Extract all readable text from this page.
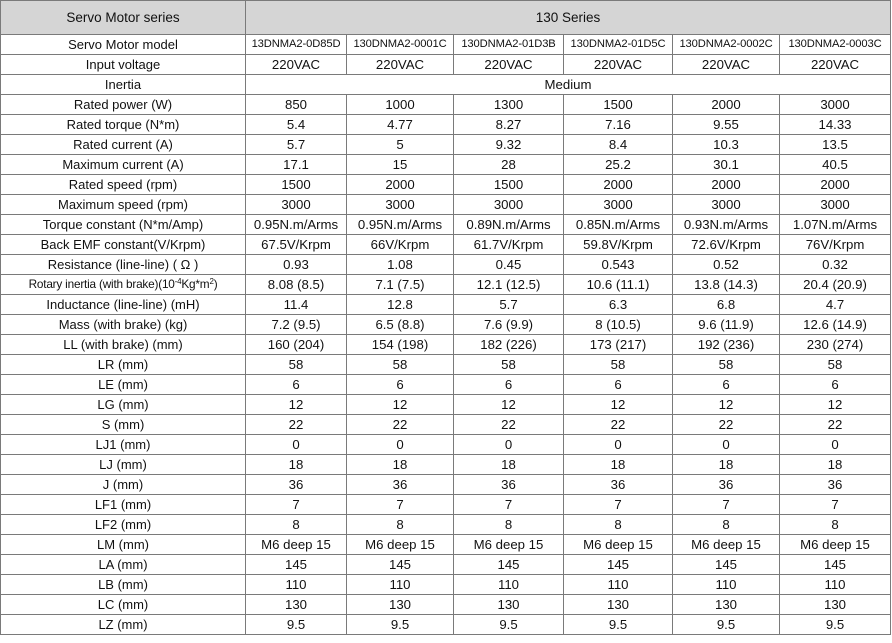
Servo Motor series	130 Series					
Servo Motor model	13DNMA2-0D85D	130DNMA2-0001C	130DNMA2-01D3B	130DNMA2-01D5C	130DNMA2-0002C	130DNMA2-0003C
Input voltage	220VAC	220VAC	220VAC	220VAC	220VAC	220VAC
Inertia	Medium					
Rated power (W)	850	1000	1300	1500	2000	3000
Rated torque (N*m)	5.4	4.77	8.27	7.16	9.55	14.33
Rated current (A)	5.7	5	9.32	8.4	10.3	13.5
Maximum current (A)	17.1	15	28	25.2	30.1	40.5
Rated speed (rpm)	1500	2000	1500	2000	2000	2000
Maximum speed (rpm)	3000	3000	3000	3000	3000	3000
Torque constant (N*m/Amp)	0.95N.m/Arms	0.95N.m/Arms	0.89N.m/Arms	0.85N.m/Arms	0.93N.m/Arms	1.07N.m/Arms
Back EMF constant(V/Krpm)	67.5V/Krpm	66V/Krpm	61.7V/Krpm	59.8V/Krpm	72.6V/Krpm	76V/Krpm
Resistance (line-line) ( Ω )	0.93	1.08	0.45	0.543	0.52	0.32
Rotary inertia (with $brake)(10^{-4}Kg*m^2)$	8.08 (8.5)	7.1 (7.5)	12.1 (12.5)	10.6 (11.1)	13.8 (14.3)	20.4 (20.9)
Inductance (line-line) (mH)	11.4	12.8	5.7	6.3	6.8	4.7
Mass (with brake) (kg)	7.2 (9.5)	6.5 (8.8)	7.6 (9.9)	8 (10.5)	9.6 (11.9)	12.6 (14.9)
LL (with brake) (mm)	160 (204)	154 (198)	182 (226)	173 (217)	192 (236)	230 (274)
LR (mm)	58	58	58	58	58	58
LE (mm)	6	6	6	6	6	6
LG (mm)	12	12	12	12	12	12
S (mm)	22	22	22	22	22	22
LJ1 (mm)	0	0	0	0	0	0
LJ (mm)	18	18	18	18	18	18
J (mm)	36	36	36	36	36	36
LF1 (mm)	7	7	7	7	7	7
LF2 (mm)	8	8	8	8	8	8
LM (mm)	M6 deep 15	M6 deep 15	M6 deep 15	M6 deep 15	M6 deep 15	M6 deep 15
LA (mm)	145	145	145	145	145	145
LB (mm)	110	110	110	110	110	110
LC (mm)	130	130	130	130	130	130
LZ (mm)	9.5	9.5	9.5	9.5	9.5	9.5
